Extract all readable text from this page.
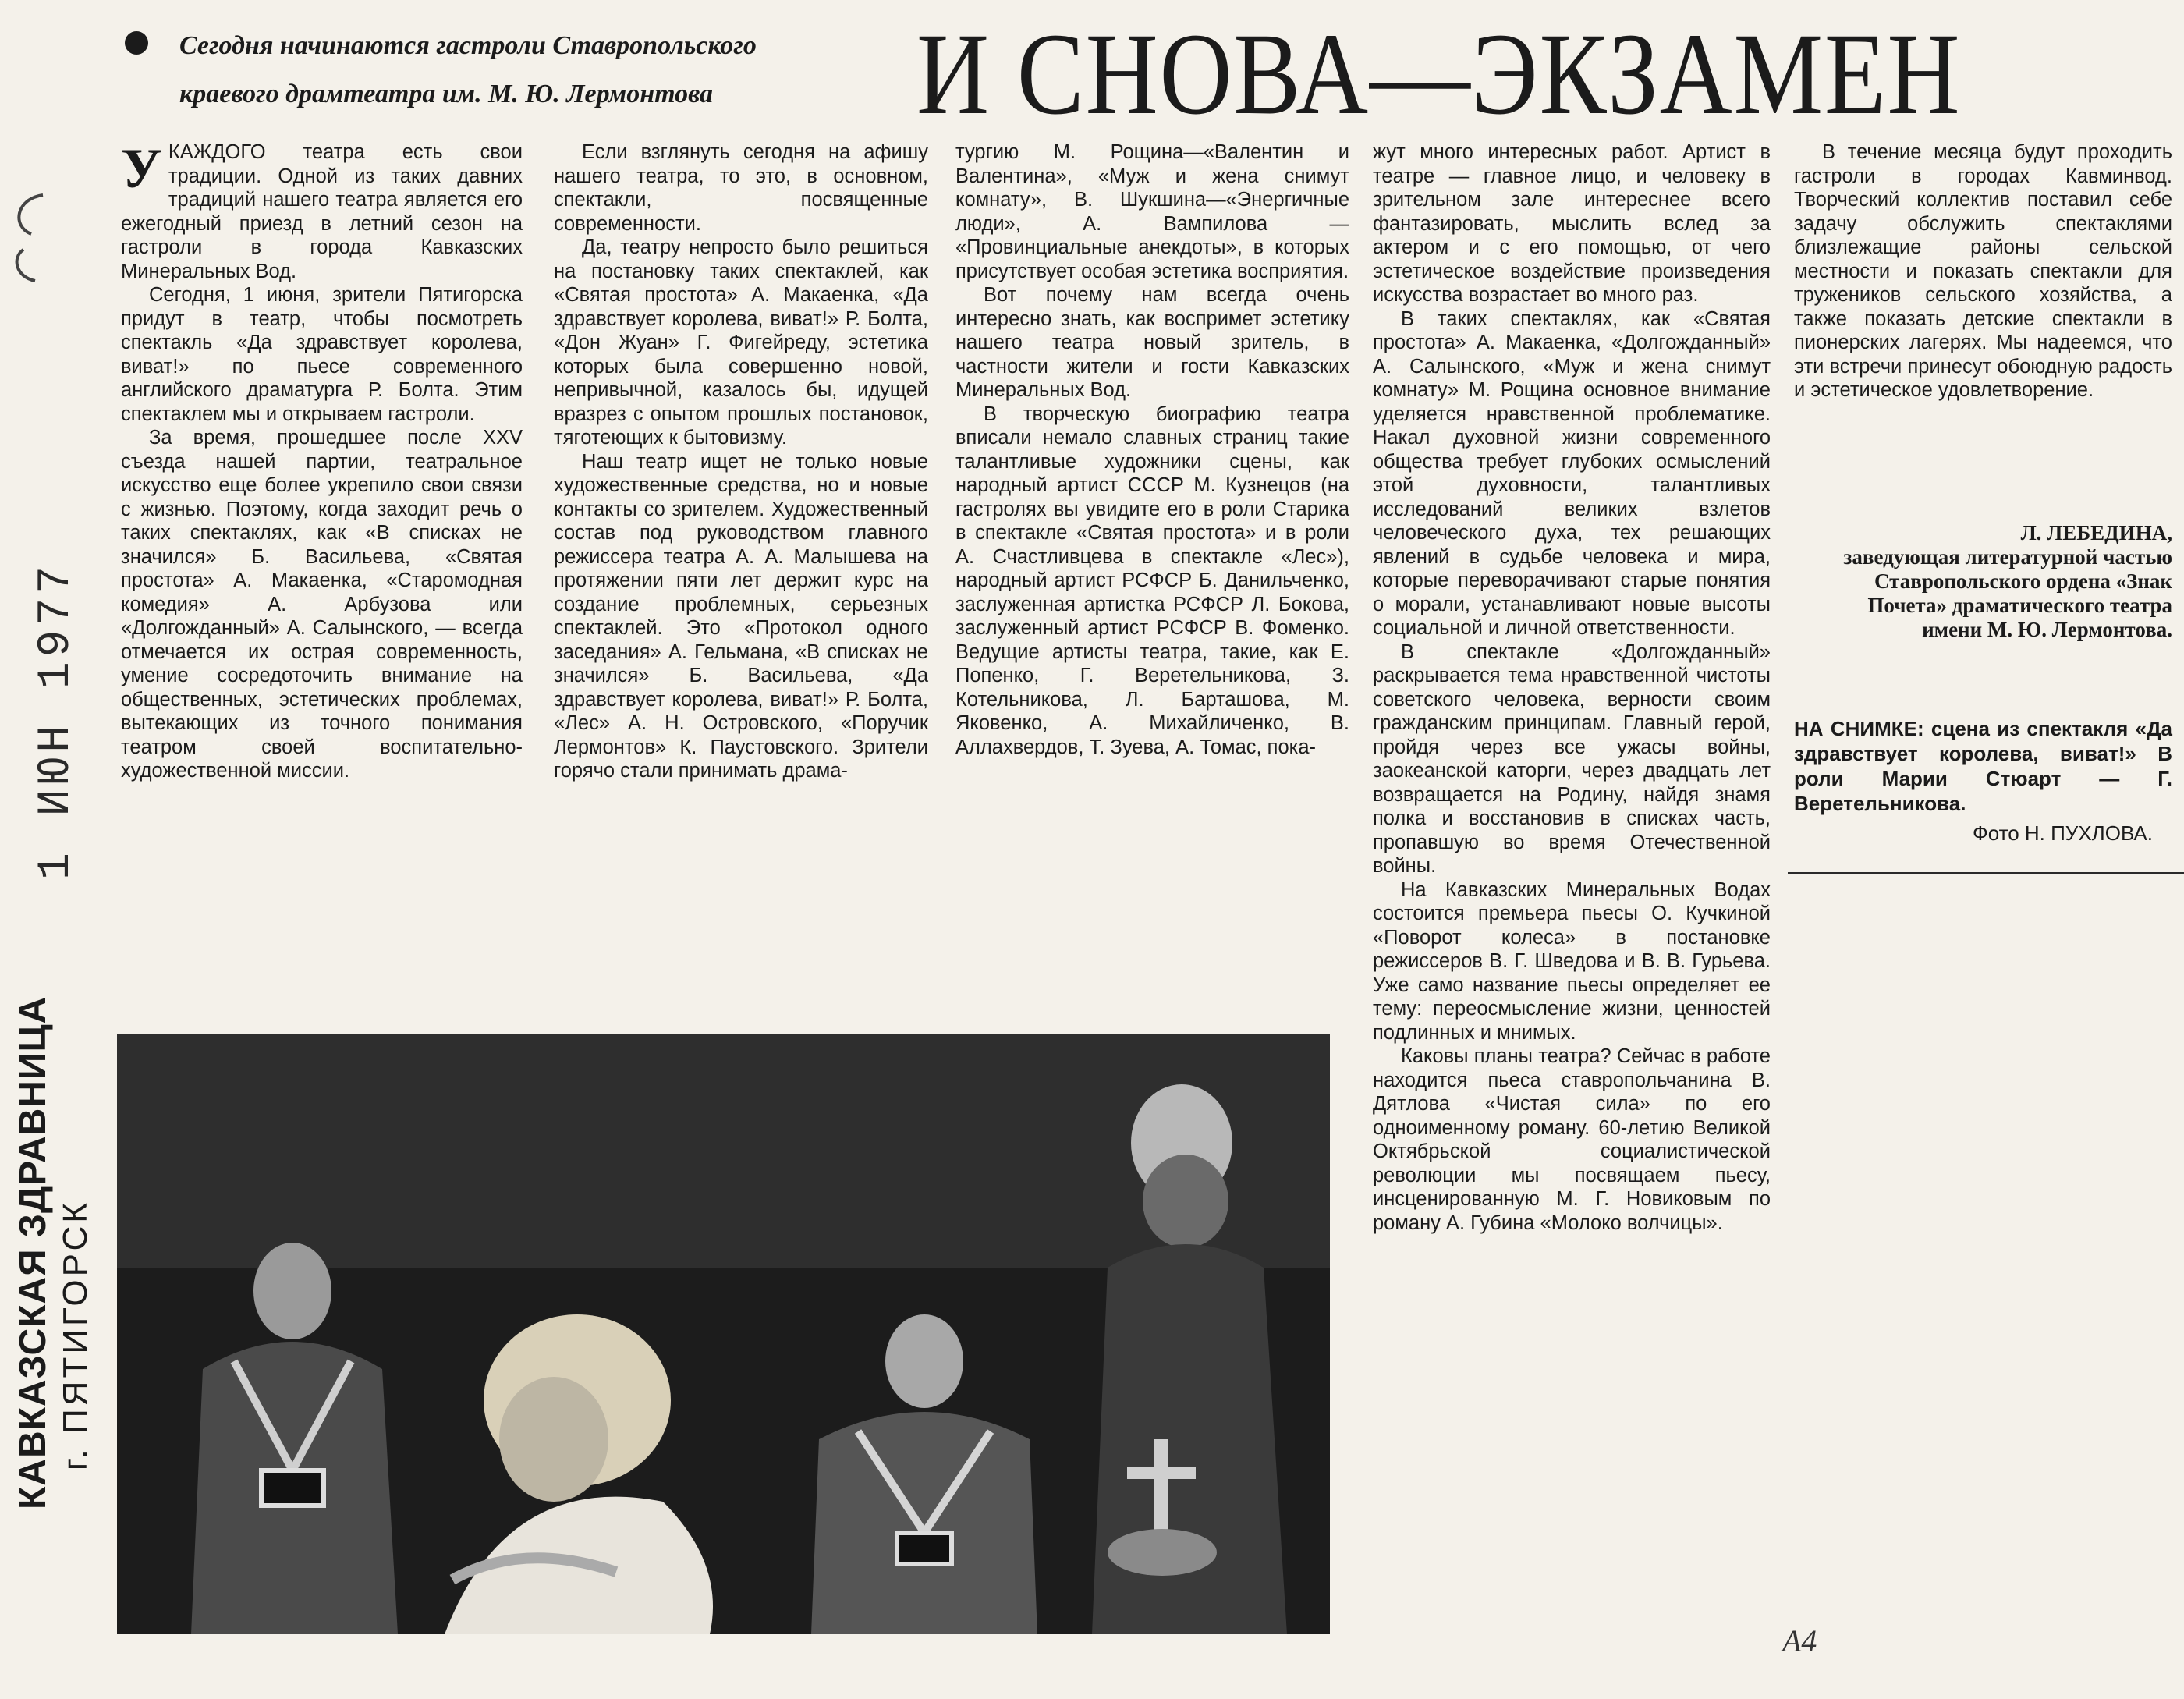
Сегодня начинаются гастроли Ставропольского
краевого драмтеатра им. М. Ю. Лермонтова	И СНОВА—ЭКЗАМЕН
КАВКАЗСКАЯ ЗДРАВНИЦА г. ПЯТИГОРСК
1 ИЮН 1977

УКАЖДОГО театра есть свои традиции. Одной из таких давних традиций нашего театра является его ежегодный приезд в летний сезон на гастроли в города Кавказских Минеральных Вод.

Сегодня, 1 июня, зрители Пятигорска придут в театр, чтобы посмотреть спектакль «Да здравствует королева, виват!» по пьесе современного английского драматурга Р. Болта. Этим спектаклем мы и открываем гастроли.

За время, прошедшее после XXV съезда нашей партии, театральное искусство еще более укрепило свои связи с жизнью. Поэтому, когда заходит речь о таких спектаклях, как «В списках не значился» Б. Васильева, «Святая простота» А. Макаенка, «Старомодная комедия» А. Арбузова или «Долгожданный» А. Салынского, — всегда отмечается их острая современность, умение сосредоточить внимание на общественных, эстетических проблемах, вытекающих из точного понимания театром своей воспитательно-художественной миссии.

Если взглянуть сегодня на афишу нашего театра, то это, в основном, спектакли, посвященные современности.

Да, театру непросто было решиться на постановку таких спектаклей, как «Святая простота» А. Макаенка, «Да здравствует королева, виват!» Р. Болта, «Дон Жуан» Г. Фигейреду, эстетика которых была совершенно новой, непривычной, казалось бы, идущей вразрез с опытом прошлых постановок, тяготеющих к бытовизму.

Наш театр ищет не только новые художественные средства, но и новые контакты со зрителем. Художественный состав под руководством главного режиссера театра А. А. Малышева на протяжении пяти лет держит курс на создание проблемных, серьезных спектаклей. Это «Протокол одного заседания» А. Гельмана, «В списках не значился» Б. Васильева, «Да здравствует королева, виват!» Р. Болта, «Лес» А. Н. Островского, «Поручик Лермонтов» К. Паустовского. Зрители горячо стали принимать драма-

тургию М. Рощина—«Валентин и Валентина», «Муж и жена снимут комнату», В. Шукшина—«Энергичные люди», А. Вампилова — «Провинциальные анекдоты», в которых присутствует особая эстетика восприятия.

Вот почему нам всегда очень интересно знать, как воспримет эстетику нашего театра новый зритель, в частности жители и гости Кавказских Минеральных Вод.

В творческую биографию театра вписали немало славных страниц такие талантливые художники сцены, как народный артист СССР М. Кузнецов (на гастролях вы увидите его в роли Старика в спектакле «Святая простота» и в роли А. Счастливцева в спектакле «Лес»), народный артист РСФСР Б. Данильченко, заслуженная артистка РСФСР Л. Бокова, заслуженный артист РСФСР В. Фоменко. Ведущие артисты театра, такие, как Е. Попенко, Г. Веретельникова, З. Котельникова, Л. Барташова, М. Яковенко, А. Михайличенко, В. Аллахвердов, Т. Зуева, А. Томас, пока-

жут много интересных работ. Артист в театре — главное лицо, и человеку в зрительном зале интереснее всего фантазировать, мыслить вслед за актером и с его помощью, от чего эстетическое воздействие произведения искусства возрастает во много раз.

В таких спектаклях, как «Святая простота» А. Макаенка, «Долгожданный» А. Салынского, «Муж и жена снимут комнату» М. Рощина основное внимание уделяется нравственной проблематике. Накал духовной жизни современного общества требует глубоких осмыслений этой духовности, талантливых исследований великих взлетов человеческого духа, тех решающих явлений в судьбе человека и мира, которые переворачивают старые понятия о морали, устанавливают новые высоты социальной и личной ответственности.

В спектакле «Долгожданный» раскрывается тема нравственной чистоты советского человека, верности своим гражданским принципам. Главный герой, пройдя через все ужасы войны, заокеанской каторги, через двадцать лет возвращается на Родину, найдя знамя полка и восстановив в списках часть, пропавшую во время Отечественной войны.

На Кавказских Минеральных Водах состоится премьера пьесы О. Кучкиной «Поворот колеса» в постановке режиссеров В. Г. Шведова и В. В. Гурьева. Уже само название пьесы определяет ее тему: переосмысление жизни, ценностей подлинных и мнимых.

Каковы планы театра? Сейчас в работе находится пьеса ставропольчанина В. Дятлова «Чистая сила» по его одноименному роману. 60-летию Великой Октябрьской социалистической революции мы посвящаем пьесу, инсценированную М. Г. Новиковым по роману А. Губина «Молоко волчицы».

В течение месяца будут проходить гастроли в городах Кавминвод. Творческий коллектив поставил себе задачу обслужить спектаклями близлежащие районы сельской местности и показать спектакли для тружеников сельского хозяйства, а также показать детские спектакли в пионерских лагерях. Мы надеемся, что эти встречи принесут обоюдную радость и эстетическое удовлетворение.

Л. ЛЕБЕДИНА,
заведующая литературной частью Ставропольского ордена «Знак Почета» драматического театра имени М. Ю. Лермонтова.
НА СНИМКЕ: сцена из спектакля «Да здравствует королева, виват!» В роли Марии Стюарт — Г. Веретельникова.
Фото Н. ПУХЛОВА.
А4
